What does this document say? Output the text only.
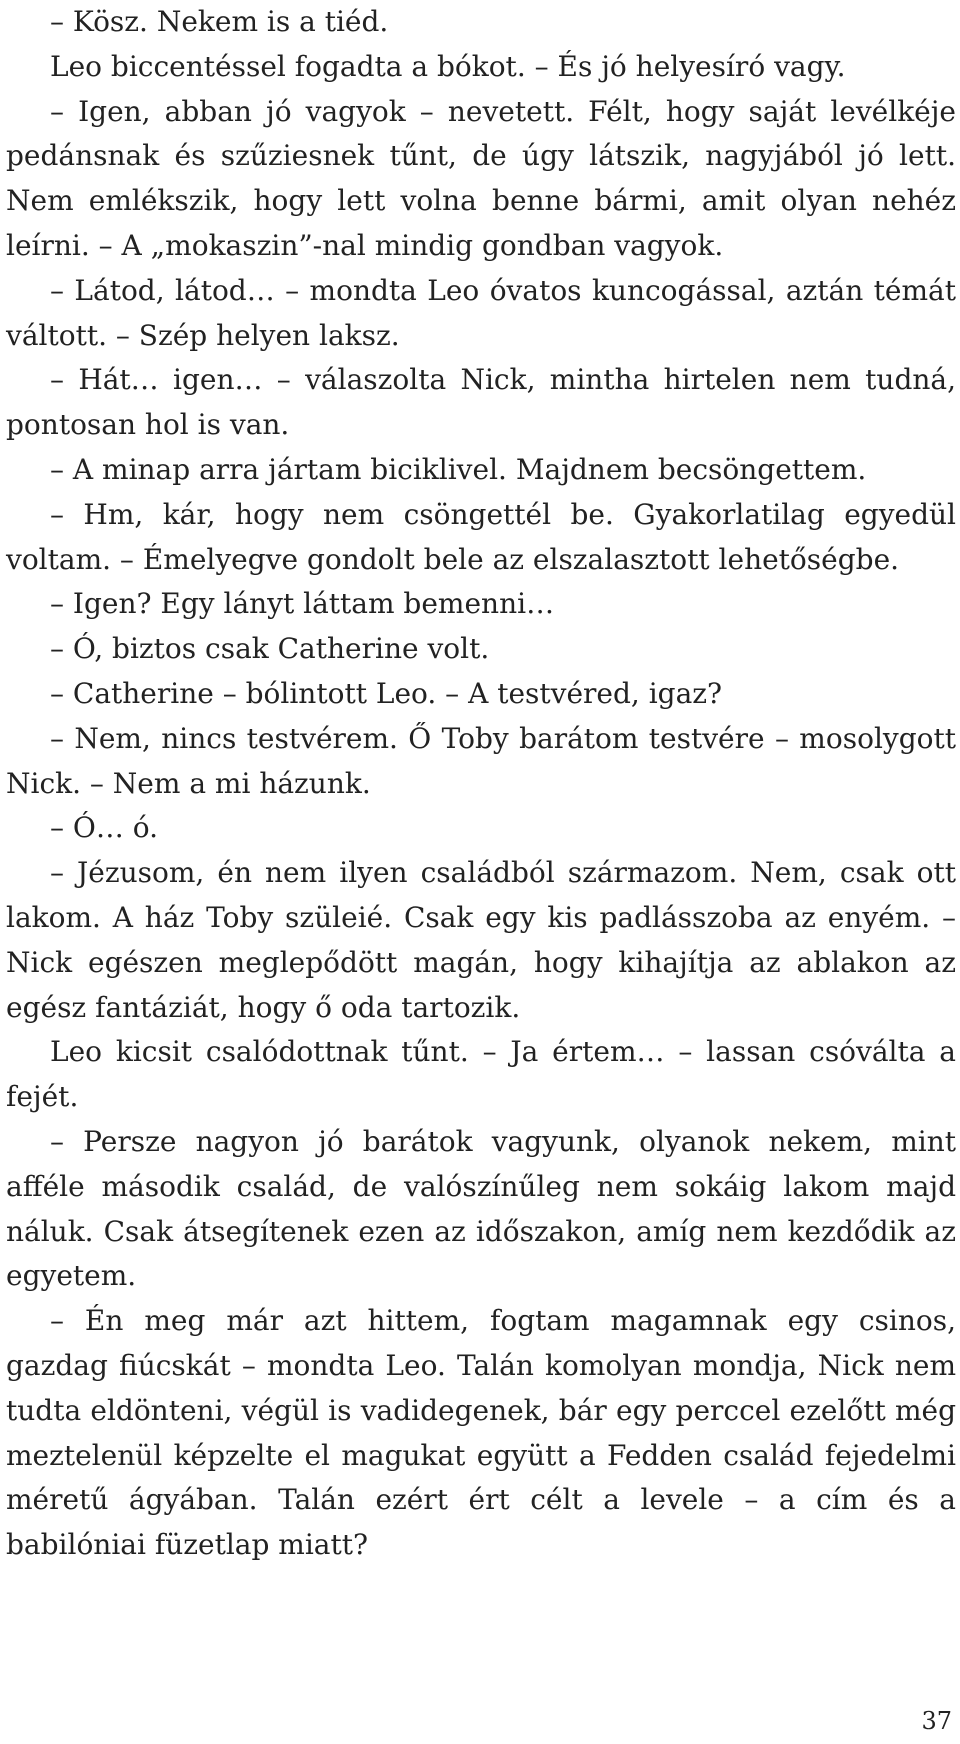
– Kösz. Nekem is a tiéd.

Leo biccentéssel fogadta a bókot. – És jó helyesíró vagy.

– Igen, abban jó vagyok – nevetett. Félt, hogy saját levélkéje pedánsnak és szűziesnek tűnt, de úgy látszik, nagyjából jó lett. Nem emlékszik, hogy lett volna benne bármi, amit olyan nehéz leírni. – A „mokaszin”-nal mindig gondban vagyok.

– Látod, látod… – mondta Leo óvatos kuncogással, aztán témát váltott. – Szép helyen laksz.

– Hát… igen… – válaszolta Nick, mintha hirtelen nem tudná, pontosan hol is van.

– A minap arra jártam biciklivel. Majdnem becsöngettem.

– Hm, kár, hogy nem csöngettél be. Gyakorlatilag egyedül voltam. – Émelyegve gondolt bele az elszalasztott lehetőségbe.

– Igen? Egy lányt láttam bemenni…

– Ó, biztos csak Catherine volt.

– Catherine – bólintott Leo. – A testvéred, igaz?

– Nem, nincs testvérem. Ő Toby barátom testvére – mosolygott Nick. – Nem a mi házunk.

– Ó… ó.

– Jézusom, én nem ilyen családból származom. Nem, csak ott lakom. A ház Toby szüleié. Csak egy kis padlásszoba az enyém. – Nick egészen meglepődött magán, hogy kihajítja az ablakon az egész fantáziát, hogy ő oda tartozik.

Leo kicsit csalódottnak tűnt. – Ja értem… – lassan csóválta a fejét.

– Persze nagyon jó barátok vagyunk, olyanok nekem, mint afféle második család, de valószínűleg nem sokáig lakom majd náluk. Csak átsegítenek ezen az időszakon, amíg nem kezdődik az egyetem.

– Én meg már azt hittem, fogtam magamnak egy csinos, gazdag fiúcskát – mondta Leo. Talán komolyan mondja, Nick nem tudta eldönteni, végül is vadidegenek, bár egy perccel ezelőtt még meztelenül képzelte el magukat együtt a Fedden család fejedelmi méretű ágyában. Talán ezért ért célt a levele – a cím és a babilóniai füzetlap miatt?

37
